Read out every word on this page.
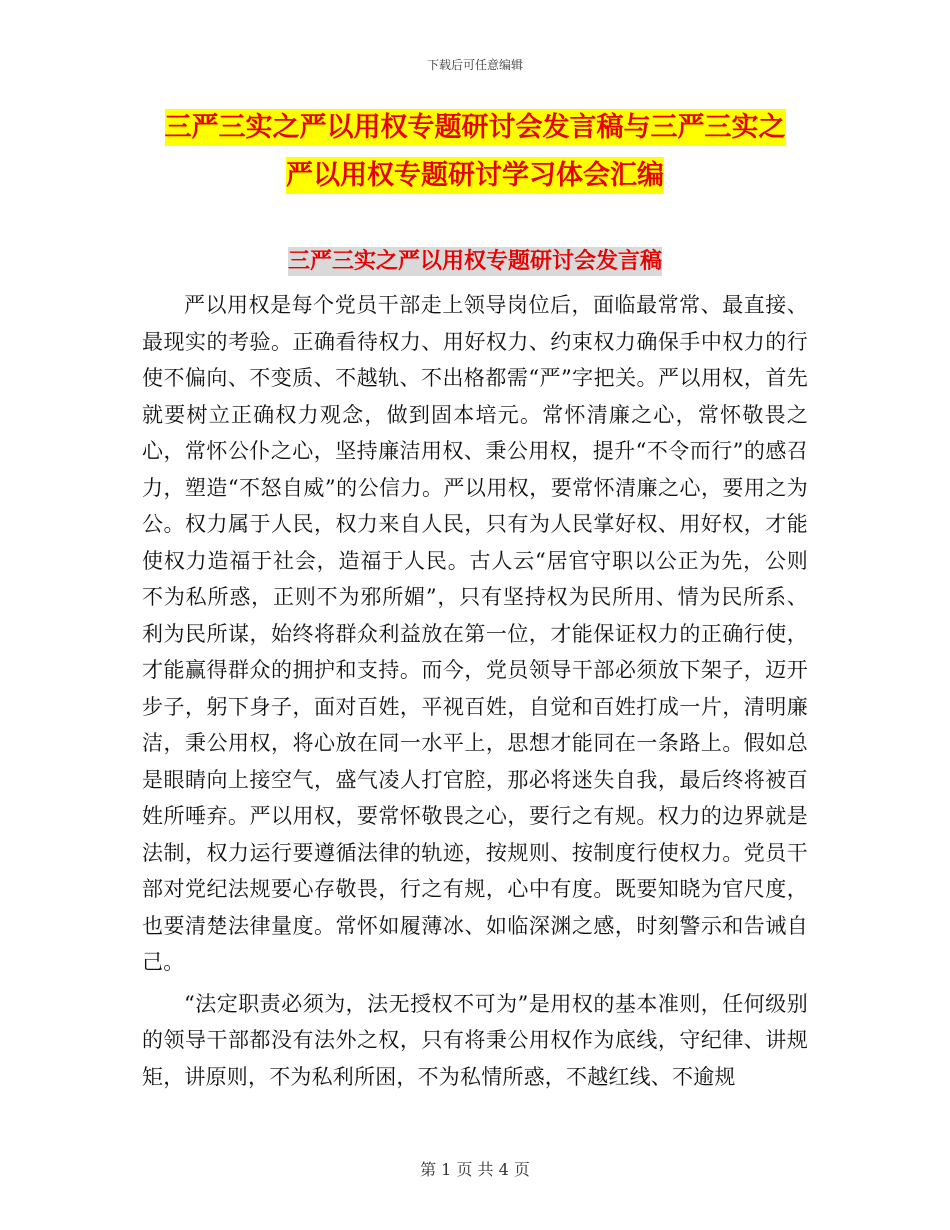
下载后可任意编辑
三严三实之严以用权专题研讨会发言稿与三严三实之
严以用权专题研讨学习体会汇编
三严三实之严以用权专题研讨会发言稿

严以用权是每个党员干部走上领导岗位后，面临最常常、最直接、最现实的考验。正确看待权力、用好权力、约束权力确保手中权力的行使不偏向、不变质、不越轨、不出格都需“严”字把关。严以用权，首先就要树立正确权力观念，做到固本培元。常怀清廉之心，常怀敬畏之心，常怀公仆之心，坚持廉洁用权、秉公用权，提升“不令而行”的感召力，塑造“不怒自威”的公信力。严以用权，要常怀清廉之心，要用之为公。权力属于人民，权力来自人民，只有为人民掌好权、用好权，才能使权力造福于社会，造福于人民。古人云“居官守职以公正为先，公则不为私所惑，正则不为邪所媚”，只有坚持权为民所用、情为民所系、利为民所谋，始终将群众利益放在第一位，才能保证权力的正确行使，才能赢得群众的拥护和支持。而今，党员领导干部必须放下架子，迈开步子，躬下身子，面对百姓，平视百姓，自觉和百姓打成一片，清明廉洁，秉公用权，将心放在同一水平上，思想才能同在一条路上。假如总是眼睛向上接空气，盛气凌人打官腔，那必将迷失自我，最后终将被百姓所唾弃。严以用权，要常怀敬畏之心，要行之有规。权力的边界就是法制，权力运行要遵循法律的轨迹，按规则、按制度行使权力。党员干部对党纪法规要心存敬畏，行之有规，心中有度。既要知晓为官尺度，也要清楚法律量度。常怀如履薄冰、如临深渊之感，时刻警示和告诫自己。

“法定职责必须为，法无授权不可为”是用权的基本准则，任何级别的领导干部都没有法外之权，只有将秉公用权作为底线，守纪律、讲规矩，讲原则，不为私利所困，不为私情所惑，不越红线、不逾规

第 1 页 共 4 页
